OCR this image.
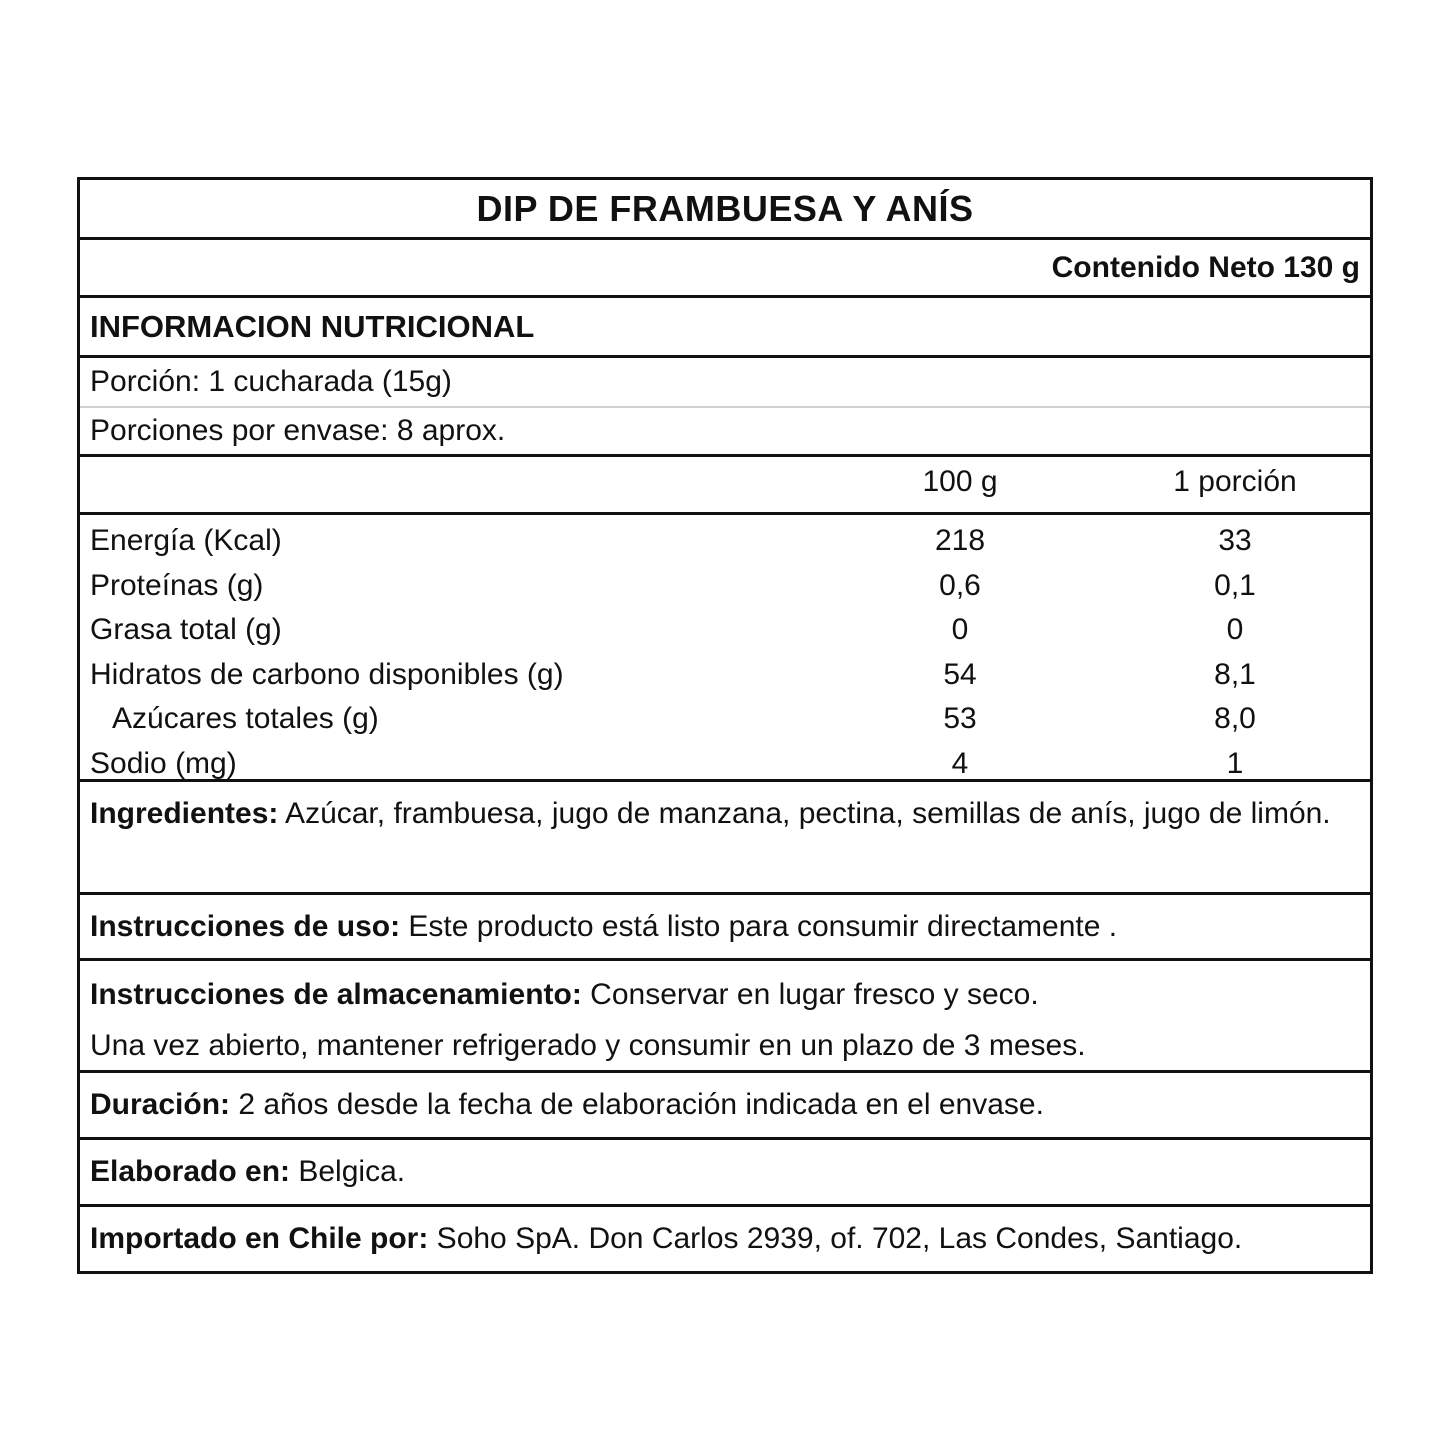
DIP DE FRAMBUESA Y ANÍS
Contenido Neto 130 g
INFORMACION NUTRICIONAL
Porción: 1 cucharada (15g)
Porciones por envase: 8 aprox.
100 g	1 porción
Energía (Kcal)	218	33
Proteínas (g)	0,6	0,1
Grasa total (g)	0	0
Hidratos de carbono disponibles (g)	54	8,1
Azúcares totales (g)	53	8,0
Sodio (mg)	4	1
Ingredientes: Azúcar, frambuesa, jugo de manzana, pectina, semillas de anís, jugo de limón.
Instrucciones de uso: Este producto está listo para consumir directamente .
Instrucciones de almacenamiento: Conservar en lugar fresco y seco.
Una vez abierto, mantener refrigerado y consumir en un plazo de 3 meses.
Duración: 2 años desde la fecha de elaboración indicada en el envase.
Elaborado en: Belgica.
Importado en Chile por: Soho SpA. Don Carlos 2939, of. 702, Las Condes, Santiago.
